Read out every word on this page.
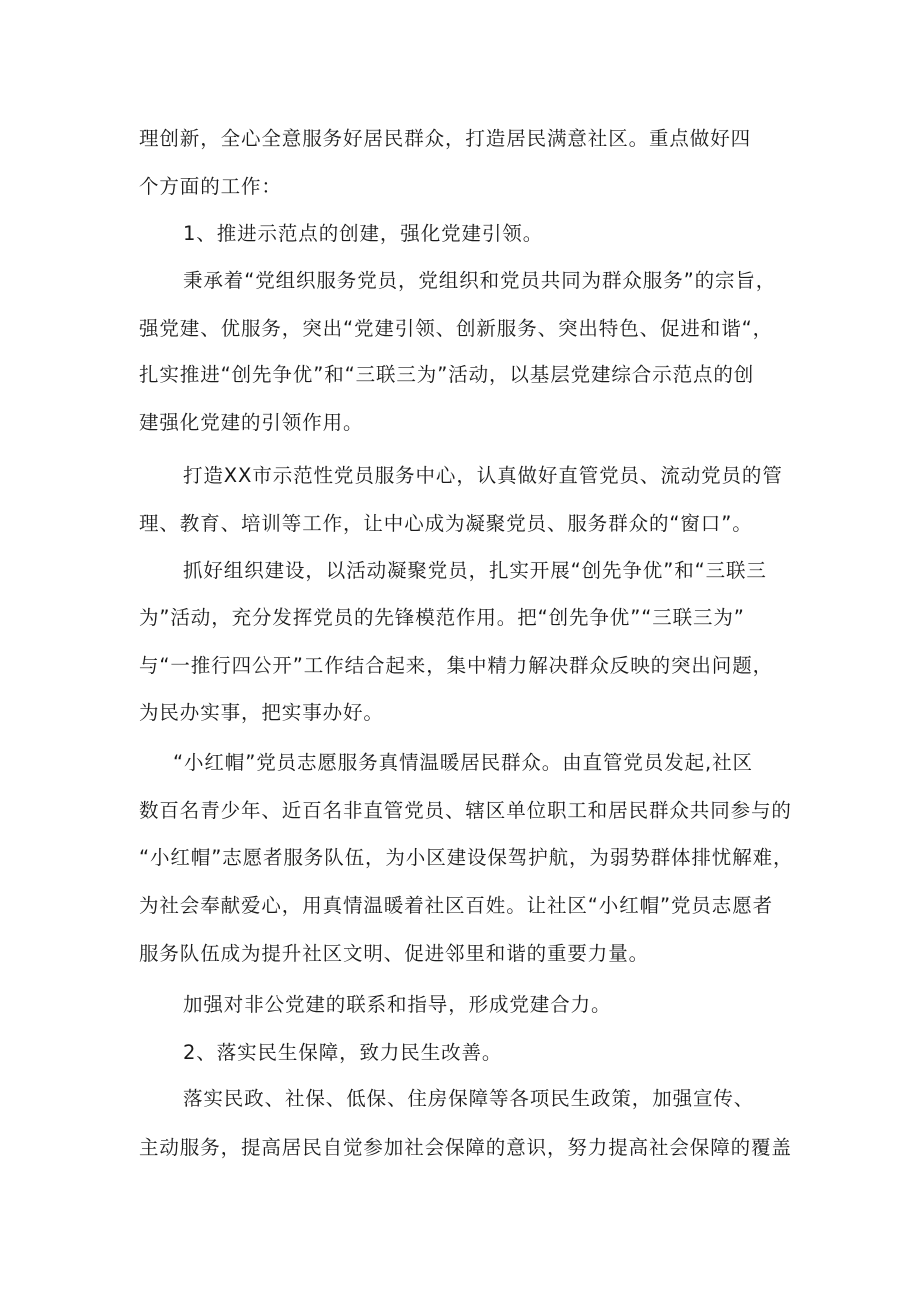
理创新，全心全意服务好居民群众，打造居民满意社区。重点做好四
个方面的工作：
1、推进示范点的创建，强化党建引领。
秉承着“党组织服务党员，党组织和党员共同为群众服务”的宗旨，
强党建、优服务，突出“党建引领、创新服务、突出特色、促进和谐“，
扎实推进“创先争优”和“三联三为”活动，以基层党建综合示范点的创
建强化党建的引领作用。
打造XX市示范性党员服务中心，认真做好直管党员、流动党员的管
理、教育、培训等工作，让中心成为凝聚党员、服务群众的“窗口”。
抓好组织建设，以活动凝聚党员，扎实开展“创先争优”和“三联三
为”活动，充分发挥党员的先锋模范作用。把“创先争优”“三联三为”
与“一推行四公开”工作结合起来，集中精力解决群众反映的突出问题，
为民办实事，把实事办好。
“小红帽”党员志愿服务真情温暖居民群众。由直管党员发起,社区
数百名青少年、近百名非直管党员、辖区单位职工和居民群众共同参与的
“小红帽”志愿者服务队伍，为小区建设保驾护航，为弱势群体排忧解难，
为社会奉献爱心，用真情温暖着社区百姓。让社区“小红帽”党员志愿者
服务队伍成为提升社区文明、促进邻里和谐的重要力量。
加强对非公党建的联系和指导，形成党建合力。
2、落实民生保障，致力民生改善。
落实民政、社保、低保、住房保障等各项民生政策，加强宣传、
主动服务，提高居民自觉参加社会保障的意识，努力提高社会保障的覆盖
